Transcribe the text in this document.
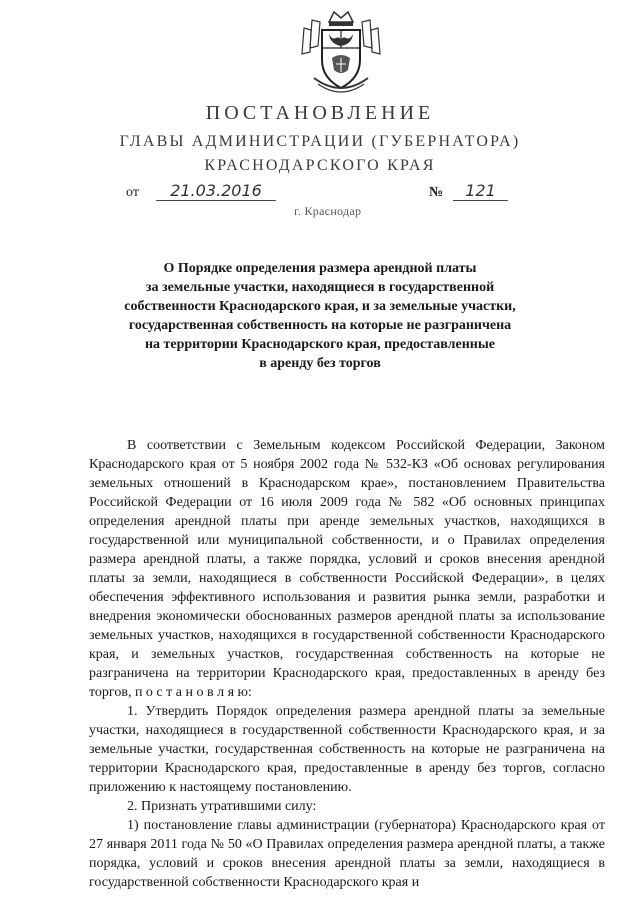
ПОСТАНОВЛЕНИЕ
ГЛАВЫ АДМИНИСТРАЦИИ (ГУБЕРНАТОРА)
КРАСНОДАРСКОГО КРАЯ
от	21.03.2016	№	121
г. Краснодар
О Порядке определения размера арендной платы
за земельные участки, находящиеся в государственной
собственности Краснодарского края, и за земельные участки,
государственная собственность на которые не разграничена
на территории Краснодарского края, предоставленные
в аренду без торгов

В соответствии с Земельным кодексом Российской Федерации, Законом Краснодарского края от 5 ноября 2002 года № 532-КЗ «Об основах регулирования земельных отношений в Краснодарском крае», постановлением Правительства Российской Федерации от 16 июля 2009 года № 582 «Об основных принципах определения арендной платы при аренде земельных участков, находящихся в государственной или муниципальной собственности, и о Правилах определения размера арендной платы, а также порядка, условий и сроков внесения арендной платы за земли, находящиеся в собственности Российской Федерации», в целях обеспечения эффективного использования и развития рынка земли, разработки и внедрения экономически обоснованных размеров арендной платы за использование земельных участков, находящихся в государственной собственности Краснодарского края, и земельных участков, государственная собственность на которые не разграничена на территории Краснодарского края, предоставленных в аренду без торгов, п о с т а н о в л я ю:

1. Утвердить Порядок определения размера арендной платы за земельные участки, находящиеся в государственной собственности Краснодарского края, и за земельные участки, государственная собственность на которые не разграничена на территории Краснодарского края, предоставленные в аренду без торгов, согласно приложению к настоящему постановлению.

2. Признать утратившими силу:

1) постановление главы администрации (губернатора) Краснодарского края от 27 января 2011 года № 50 «О Правилах определения размера арендной платы, а также порядка, условий и сроков внесения арендной платы за земли, находящиеся в государственной собственности Краснодарского края и
